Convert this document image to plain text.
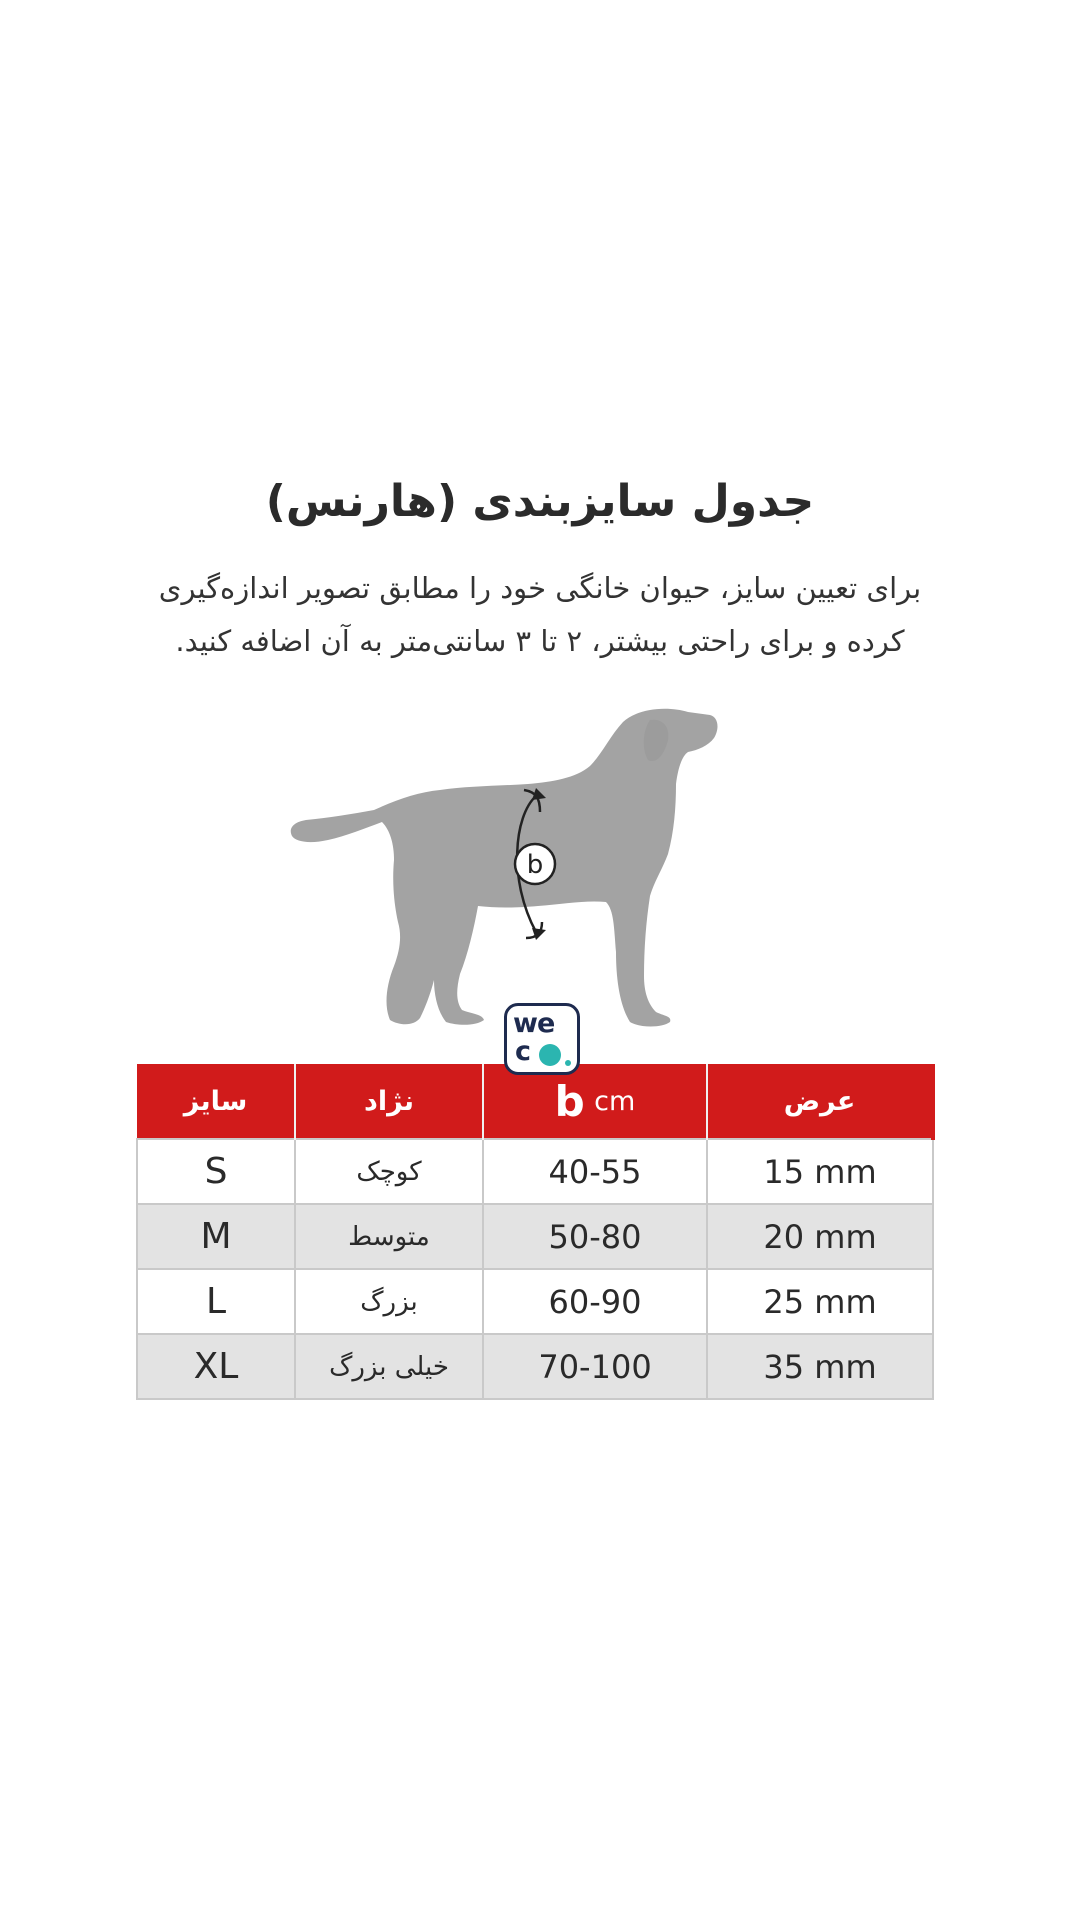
جدول سایزبندی (هارنس)
برای تعیین سایز، حیوان خانگی خود را مطابق تصویر اندازه‌گیری
کرده و برای راحتی بیشتر، ۲ تا ۳ سانتی‌متر به آن اضافه کنید.
b
we
c
سایز	نژاد	b cm	عرض
S	کوچک	40-55	15 mm
M	متوسط	50-80	20 mm
L	بزرگ	60-90	25 mm
XL	خیلی بزرگ	70-100	35 mm
